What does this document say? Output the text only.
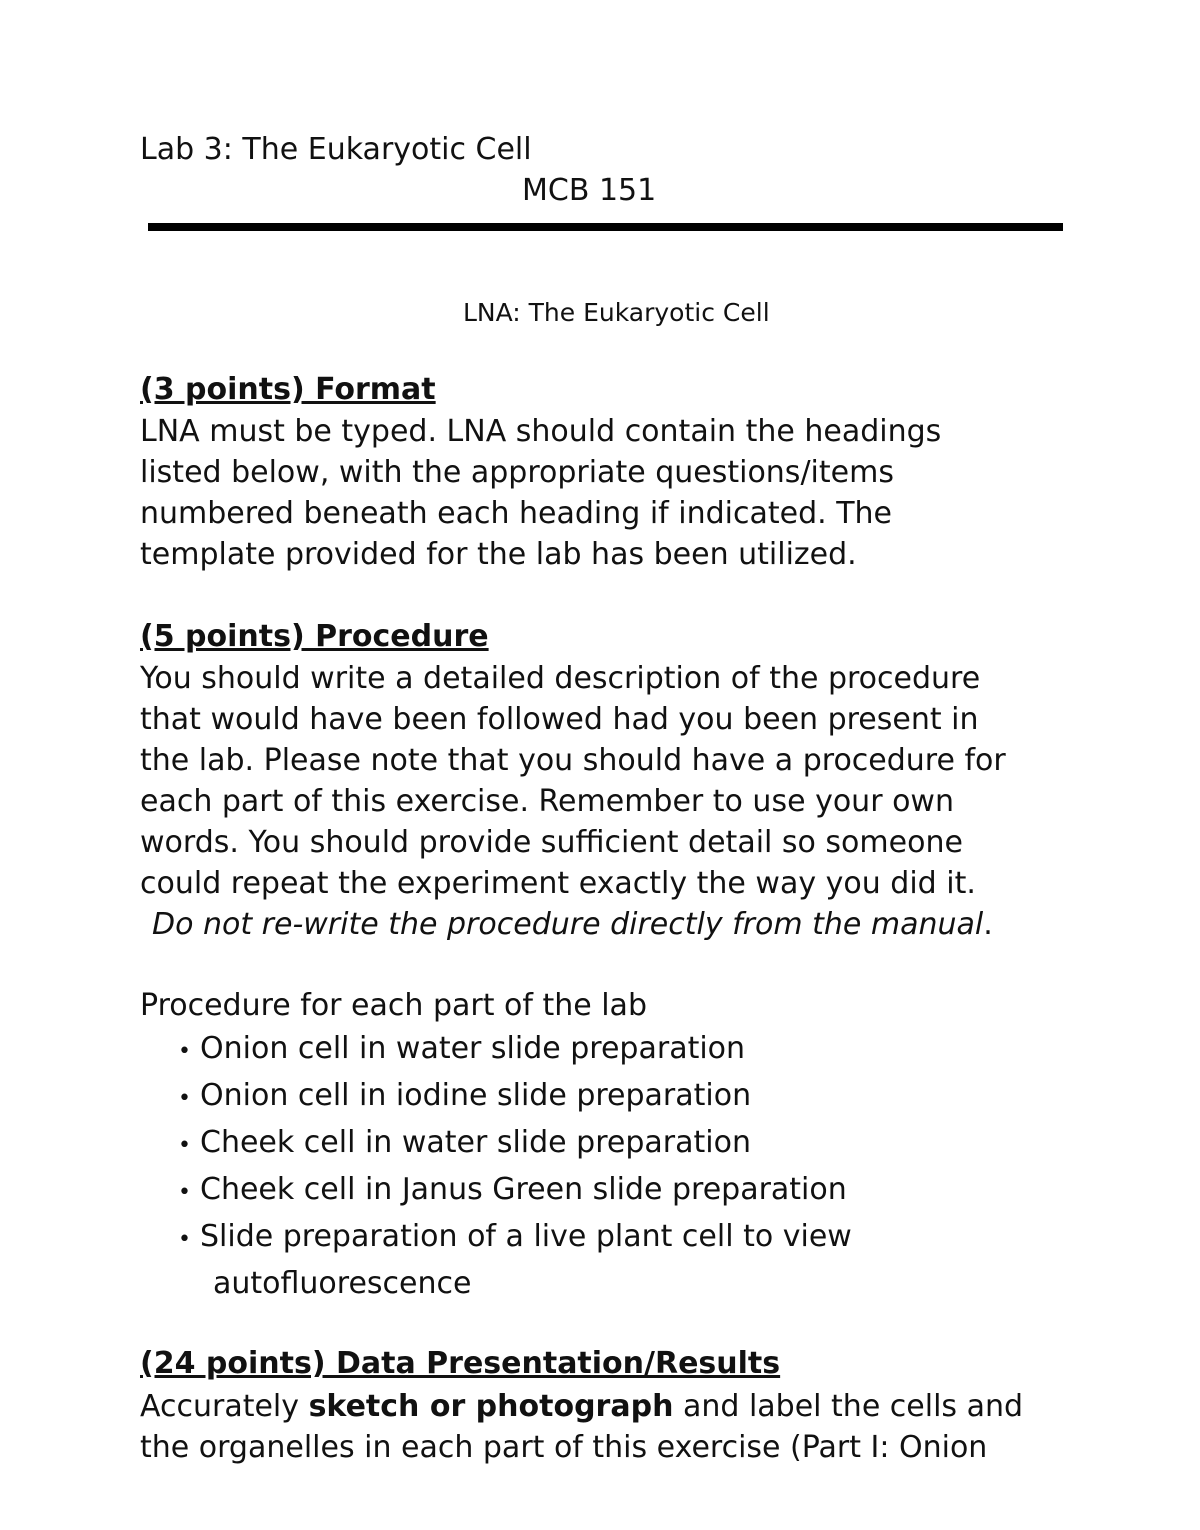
Lab 3: The Eukaryotic Cell
MCB 151
LNA: The Eukaryotic Cell
(3 points) Format
LNA must be typed. LNA should contain the headings
listed below, with the appropriate questions/items
numbered beneath each heading if indicated. The
template provided for the lab has been utilized.
(5 points) Procedure
You should write a detailed description of the procedure
that would have been followed had you been present in
the lab. Please note that you should have a procedure for
each part of this exercise. Remember to use your own
words. You should provide sufficient detail so someone
could repeat the experiment exactly the way you did it.
Do not re-write the procedure directly from the manual.
Procedure for each part of the lab
• Onion cell in water slide preparation
• Onion cell in iodine slide preparation
• Cheek cell in water slide preparation
• Cheek cell in Janus Green slide preparation
• Slide preparation of a live plant cell to view
autofluorescence
(24 points) Data Presentation/Results
Accurately sketch or photograph and label the cells and
the organelles in each part of this exercise (Part I: Onion
